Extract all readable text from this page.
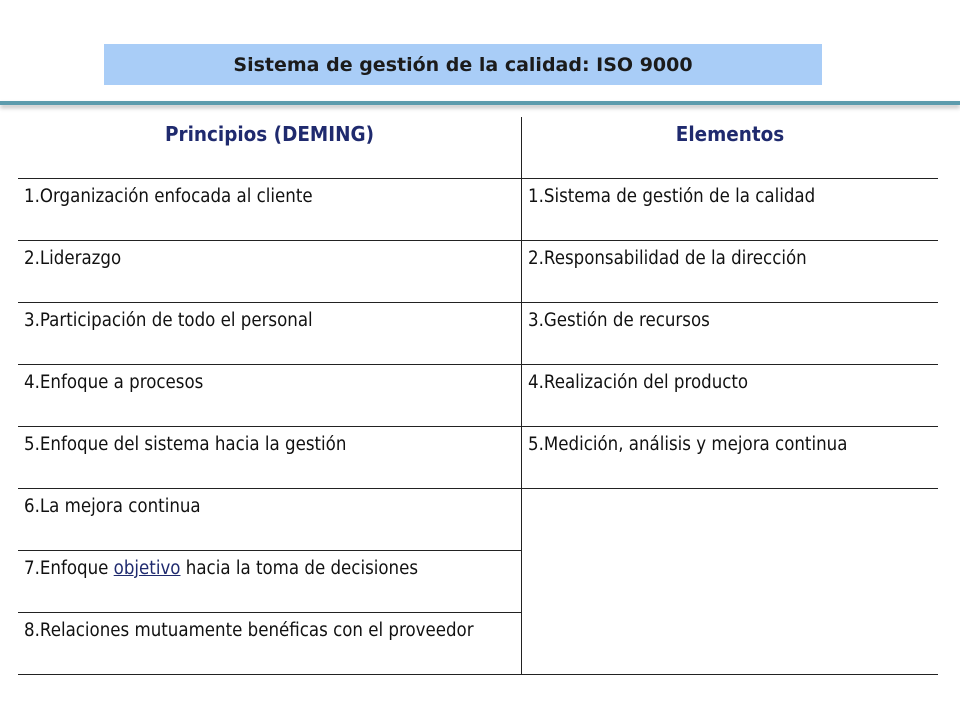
Sistema de gestión de la calidad: ISO 9000
Principios (DEMING)	Elementos
1.Organización enfocada al cliente
2.Liderazgo
3.Participación de todo el personal
4.Enfoque a procesos
5.Enfoque del sistema hacia la gestión
6.La mejora continua
7.Enfoque objetivo hacia la toma de decisiones
8.Relaciones mutuamente benéficas con el proveedor
1.Sistema de gestión de la calidad
2.Responsabilidad de la dirección
3.Gestión de recursos
4.Realización del producto
5.Medición, análisis y mejora continua
